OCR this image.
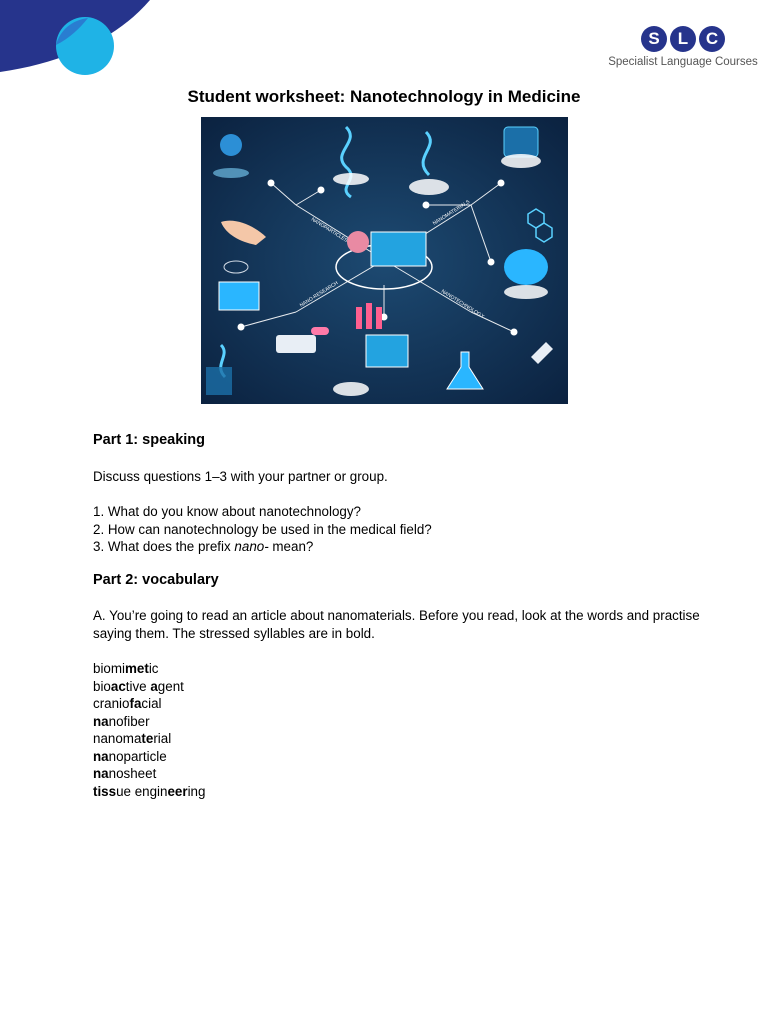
S	L	C
Specialist Language Courses
Student worksheet: Nanotechnology in Medicine
NANOPARTICLES
NANOMATERIALS
NANO-RESEARCH	NANOTECHNOLOGY

Part 1: speaking

Discuss questions 1–3 with your partner or group.

1. What do you know about nanotechnology?

2. How can nanotechnology be used in the medical field?

3. What does the prefix nano- mean?

Part 2: vocabulary

A. You’re going to read an article about nanomaterials. Before you read, look at the words and practise saying them. The stressed syllables are in bold.

biomimetic

bioactive agent

craniofacial

nanofiber

nanomaterial

nanoparticle

nanosheet

tissue engineering
